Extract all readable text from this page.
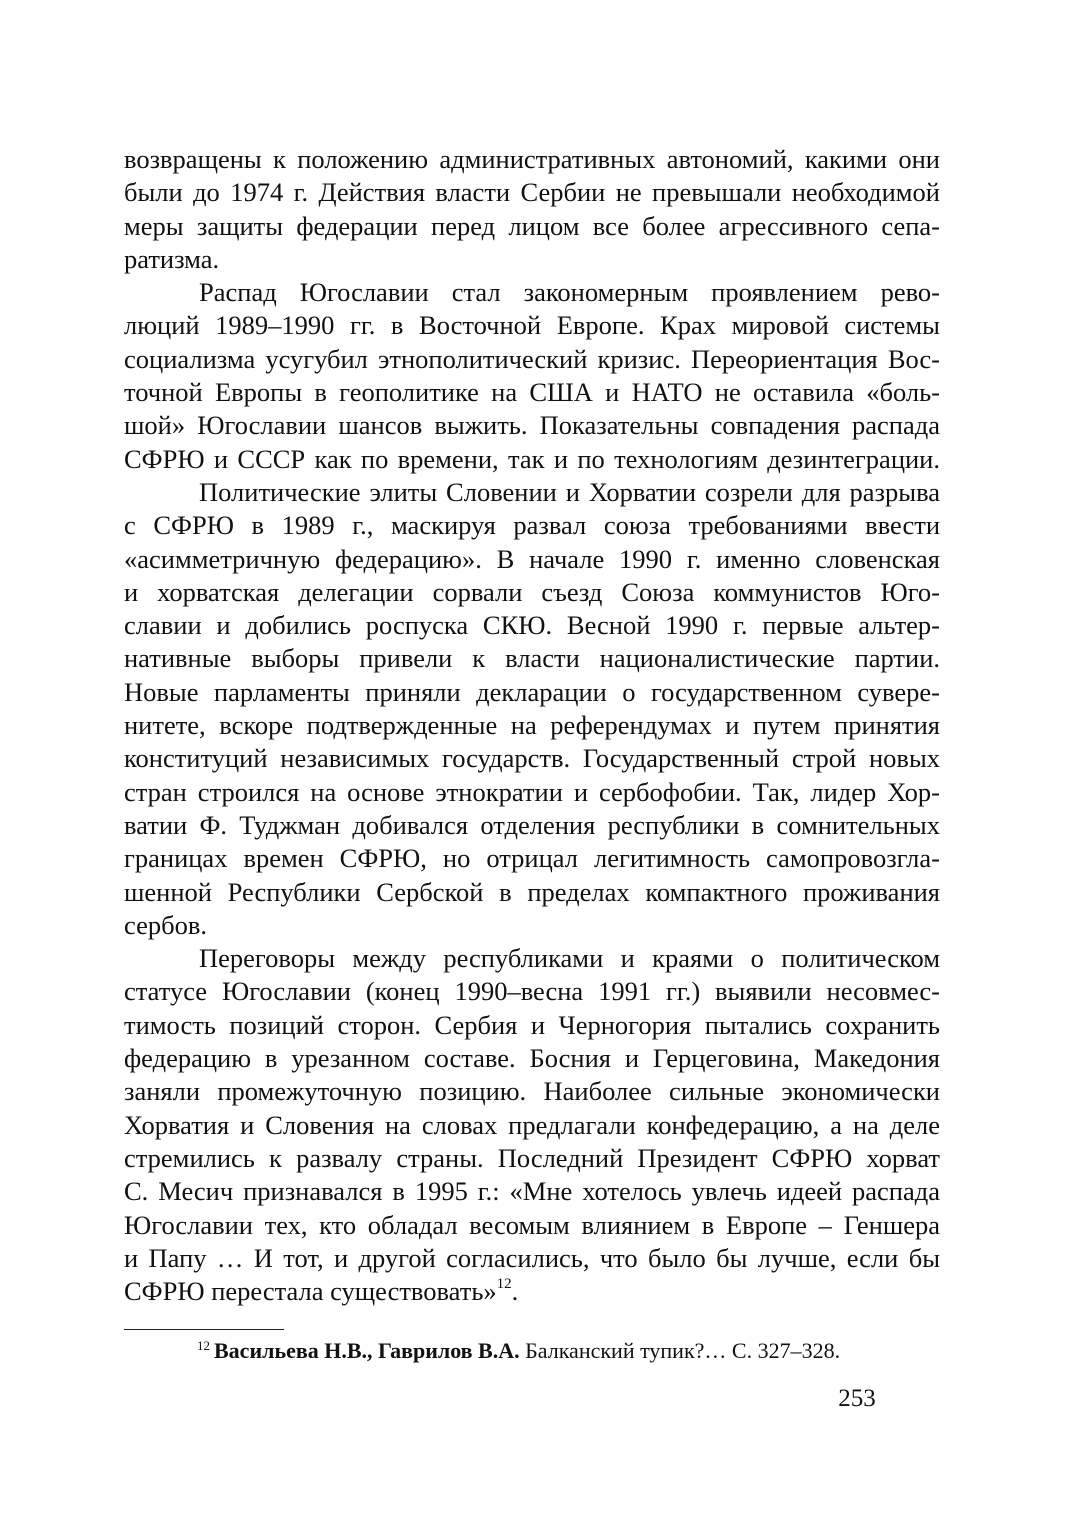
возвращены к положению административных автономий, какими они
были до 1974 г. Действия власти Сербии не превышали необходимой
меры защиты федерации перед лицом все более агрессивного сепа-
ратизма.
Распад Югославии стал закономерным проявлением рево-
люций 1989–1990 гг. в Восточной Европе. Крах мировой системы
социализма усугубил этнополитический кризис. Переориентация Вос-
точной Европы в геополитике на США и НАТО не оставила «боль-
шой» Югославии шансов выжить. Показательны совпадения распада
СФРЮ и СССР как по времени, так и по технологиям дезинтеграции.
Политические элиты Словении и Хорватии созрели для разрыва
с СФРЮ в 1989 г., маскируя развал союза требованиями ввести
«асимметричную федерацию». В начале 1990 г. именно словенская
и хорватская делегации сорвали съезд Союза коммунистов Юго-
славии и добились роспуска СКЮ. Весной 1990 г. первые альтер-
нативные выборы привели к власти националистические партии.
Новые парламенты приняли декларации о государственном сувере-
нитете, вскоре подтвержденные на референдумах и путем принятия
конституций независимых государств. Государственный строй новых
стран строился на основе этнократии и сербофобии. Так, лидер Хор-
ватии Ф. Туджман добивался отделения республики в сомнительных
границах времен СФРЮ, но отрицал легитимность самопровозгла-
шенной Республики Сербской в пределах компактного проживания
сербов.
Переговоры между республиками и краями о политическом
статусе Югославии (конец 1990–весна 1991 гг.) выявили несовмес-
тимость позиций сторон. Сербия и Черногория пытались сохранить
федерацию в урезанном составе. Босния и Герцеговина, Македония
заняли промежуточную позицию. Наиболее сильные экономически
Хорватия и Словения на словах предлагали конфедерацию, а на деле
стремились к развалу страны. Последний Президент СФРЮ хорват
С. Месич признавался в 1995 г.: «Мне хотелось увлечь идеей распада
Югославии тех, кто обладал весомым влиянием в Европе – Геншера
и Папу … И тот, и другой согласились, что было бы лучше, если бы
СФРЮ перестала существовать»$^{12}$.
$^{12}$ Васильева Н.В., Гаврилов В.А. Балканский тупик?… С. 327–328.
253
